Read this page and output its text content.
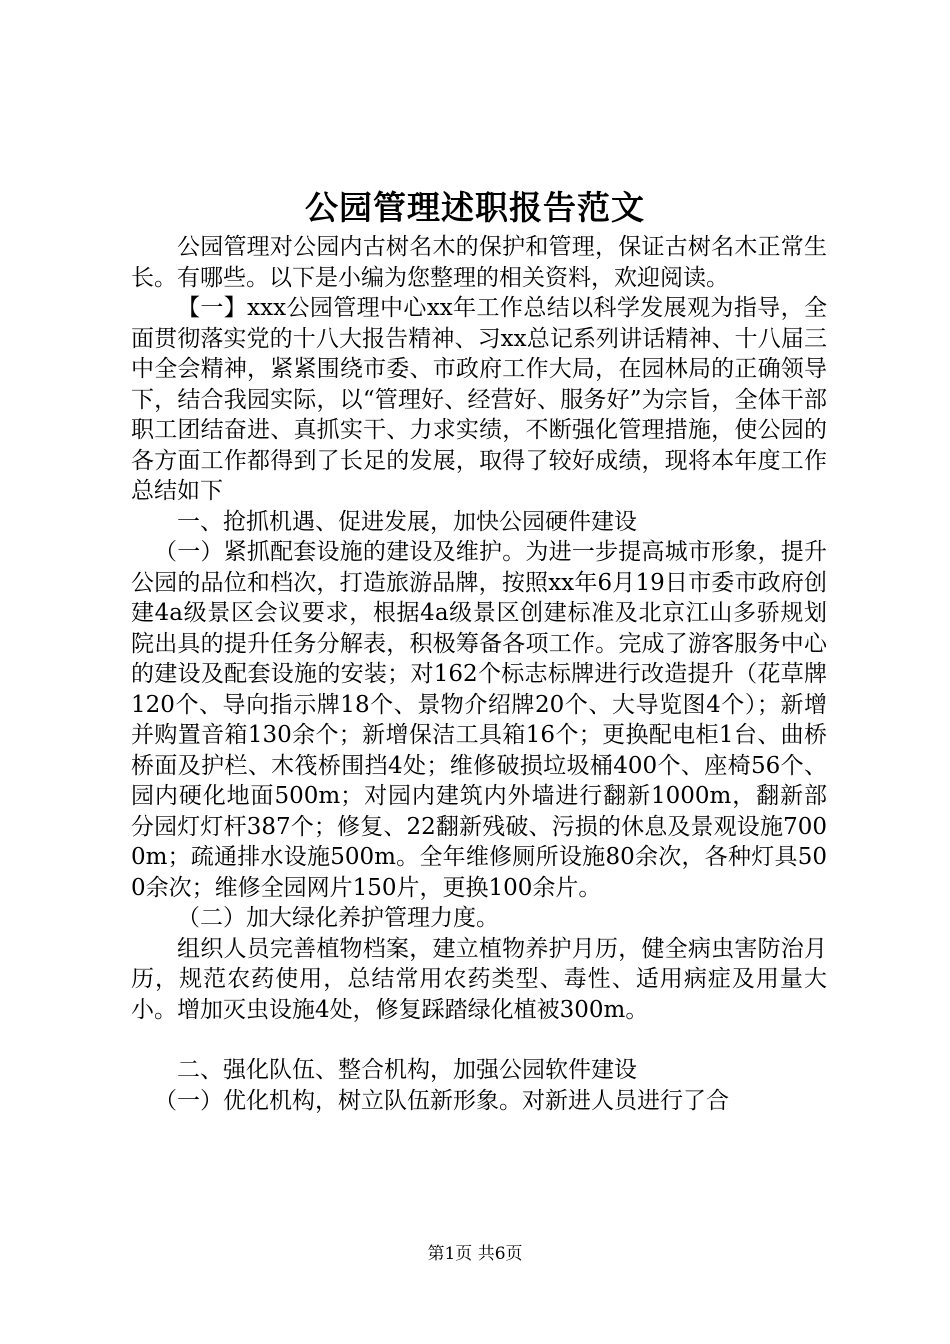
公园管理述职报告范文

公园管理对公园内古树名木的保护和管理，保证古树名木正常生长。有哪些。以下是小编为您整理的相关资料，欢迎阅读。

【一】xxx公园管理中心xx年工作总结以科学发展观为指导，全面贯彻落实党的十八大报告精神、习xx总记系列讲话精神、十八届三中全会精神，紧紧围绕市委、市政府工作大局，在园林局的正确领导下，结合我园实际，以“管理好、经营好、服务好”为宗旨，全体干部职工团结奋进、真抓实干、力求实绩，不断强化管理措施，使公园的各方面工作都得到了长足的发展，取得了较好成绩，现将本年度工作总结如下

一、抢抓机遇、促进发展，加快公园硬件建设

（一）紧抓配套设施的建设及维护。为进一步提高城市形象，提升公园的品位和档次，打造旅游品牌，按照xx年6月19日市委市政府创建4a级景区会议要求，根据4a级景区创建标准及北京江山多骄规划院出具的提升任务分解表，积极筹备各项工作。完成了游客服务中心的建设及配套设施的安装；对162个标志标牌进行改造提升（花草牌120个、导向指示牌18个、景物介绍牌20个、大导览图4个）；新增并购置音箱130余个；新增保洁工具箱16个；更换配电柜1台、曲桥桥面及护栏、木筏桥围挡4处；维修破损垃圾桶400个、座椅56个、园内硬化地面500m；对园内建筑内外墙进行翻新1000m，翻新部分园灯灯杆387个；修复、22翻新残破、污损的休息及景观设施7000m；疏通排水设施500m。全年维修厕所设施80余次，各种灯具500余次；维修全园网片150片，更换100余片。

（二）加大绿化养护管理力度。

组织人员完善植物档案，建立植物养护月历，健全病虫害防治月历，规范农药使用，总结常用农药类型、毒性、适用病症及用量大小。增加灭虫设施4处，修复踩踏绿化植被300m。

二、强化队伍、整合机构，加强公园软件建设

（一）优化机构，树立队伍新形象。对新进人员进行了合

第1页 共6页
